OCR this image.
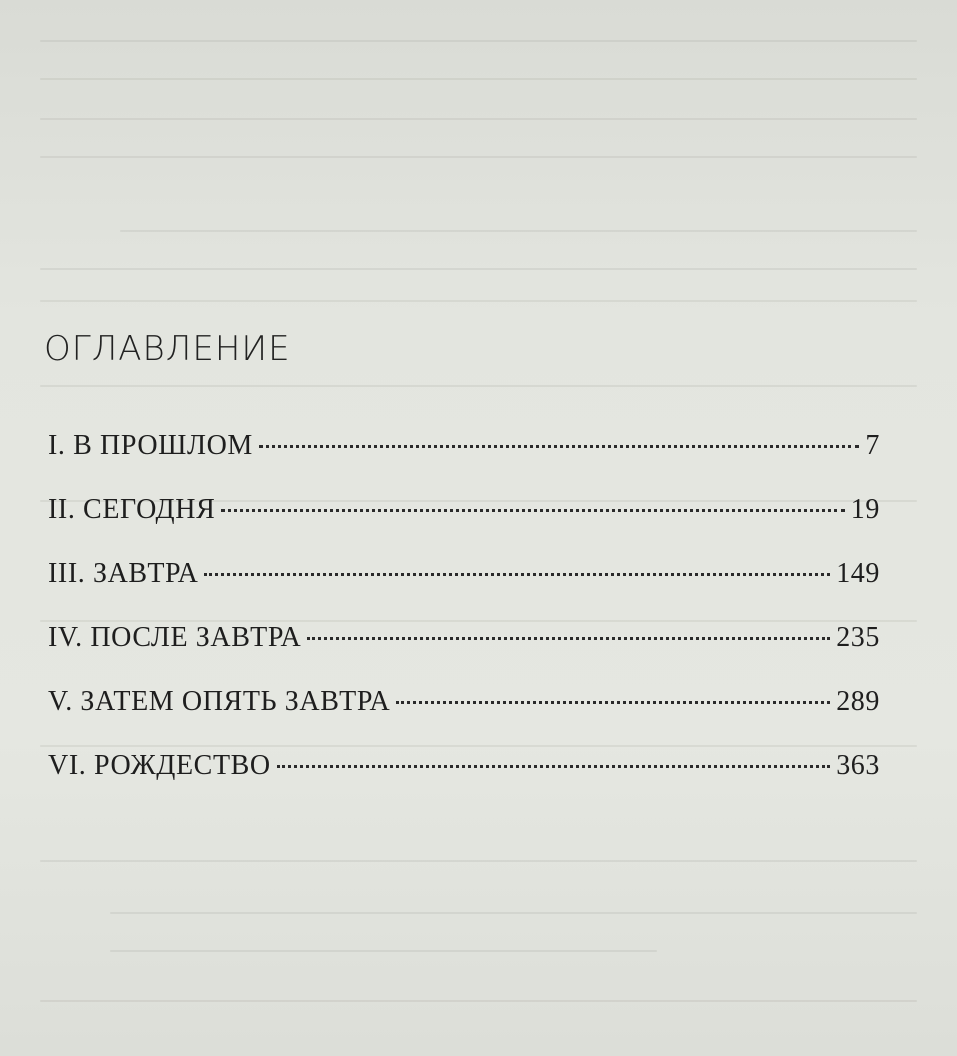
ОГЛАВЛЕНИЕ
I. В ПРОШЛОМ	7
II. СЕГОДНЯ	19
III. ЗАВТРА	149
IV. ПОСЛЕ ЗАВТРА	235
V. ЗАТЕМ ОПЯТЬ ЗАВТРА	289
VI. РОЖДЕСТВО	363
